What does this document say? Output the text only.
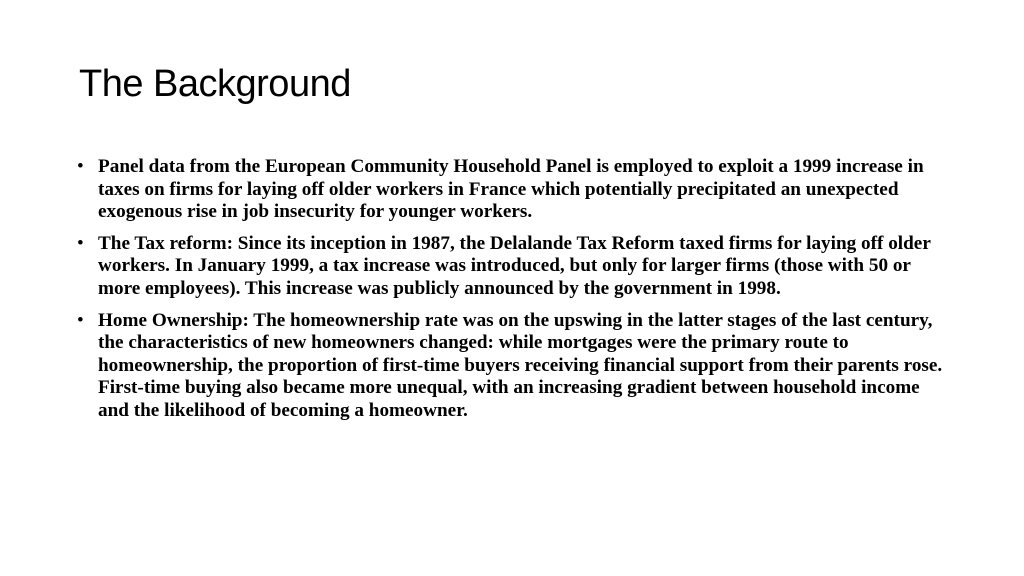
The Background
• Panel data from the European Community Household Panel is employed to exploit a 1999 increase in taxes on firms for laying off older workers in France which potentially precipitated an unexpected exogenous rise in job insecurity for younger workers.
• The Tax reform: Since its inception in 1987, the Delalande Tax Reform taxed firms for laying off older workers. In January 1999, a tax increase was introduced, but only for larger firms (those with 50 or more employees). This increase was publicly announced by the government in 1998.
• Home Ownership: The homeownership rate was on the upswing in the latter stages of the last century, the characteristics of new homeowners changed: while mortgages were the primary route to homeownership, the proportion of first-time buyers receiving financial support from their parents rose. First-time buying also became more unequal, with an increasing gradient between household income and the likelihood of becoming a homeowner.
